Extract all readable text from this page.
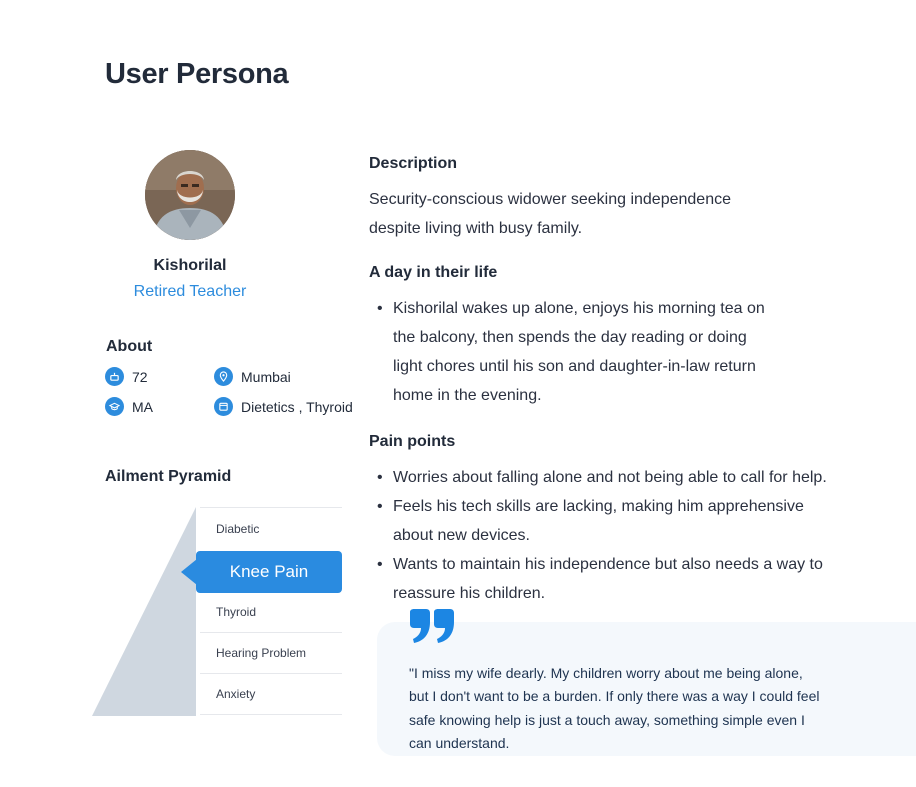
User Persona
Kishorilal
Retired Teacher
About
72	Mumbai
MA	Dietetics , Thyroid
Ailment Pyramid
Diabetic
Knee Pain
Thyroid
Hearing Problem
Anxiety
Description
Security-conscious widower seeking independence
despite living with busy family.
A day in their life
• Kishorilal wakes up alone, enjoys his morning tea on
the balcony, then spends the day reading or doing
light chores until his son and daughter-in-law return
home in the evening.
Pain points
• Worries about falling alone and not being able to call for help.
• Feels his tech skills are lacking, making him apprehensive
about new devices.
• Wants to maintain his independence but also needs a way to
reassure his children.
"I miss my wife dearly. My children worry about me being alone,
but I don't want to be a burden. If only there was a way I could feel
safe knowing help is just a touch away, something simple even I
can understand.
